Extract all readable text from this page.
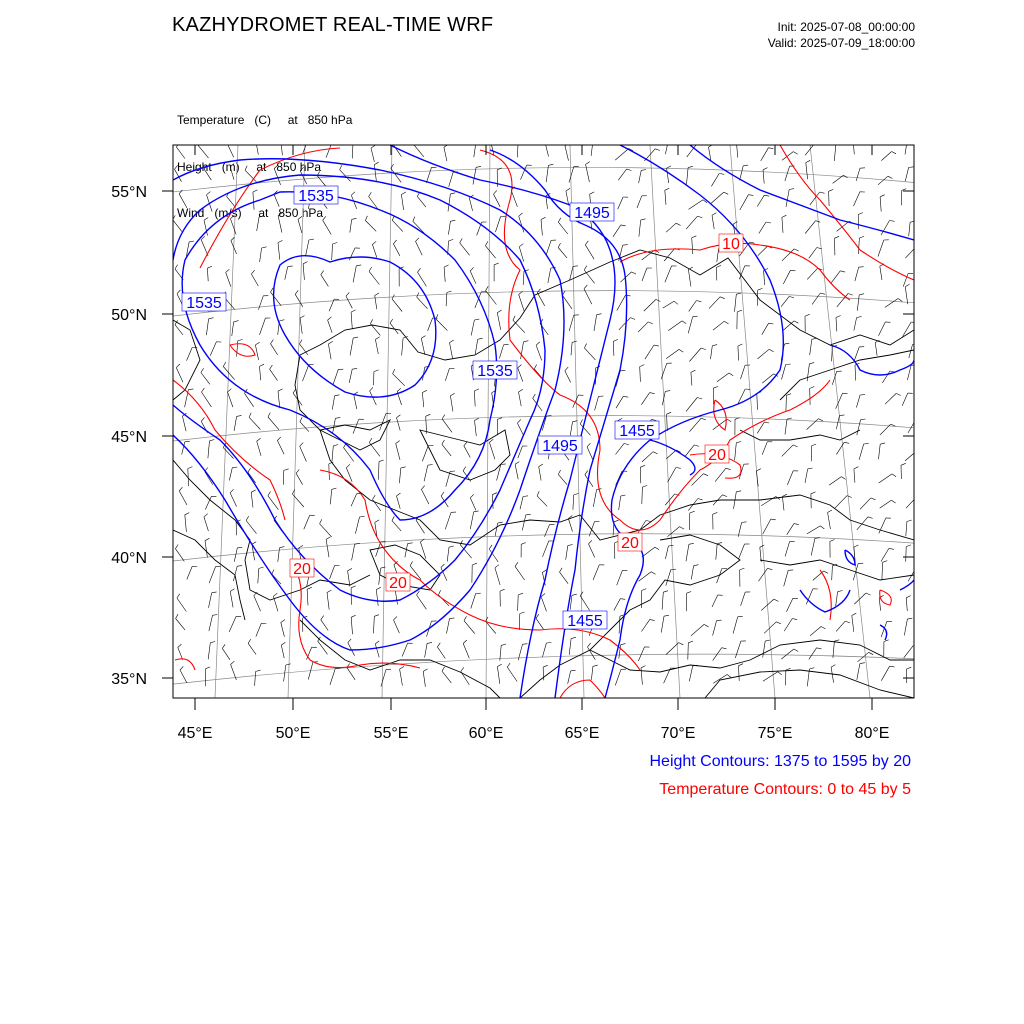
KAZHYDROMET REAL-TIME WRF	Init: 2025-07-08_00:00:00
Valid: 2025-07-09_18:00:00

Temperature   (C)     at   850 hPa

Height   (m)     at   850 hPa

Wind   (m/s)     at   850 hPa

55°N
50°N
45°N
40°N
35°N
45°E	50°E	55°E	60°E	65°E	70°E	75°E	80°E
1535
1495
1535
1535
1495
1455
1455
10
20
20
20
20
Height Contours: 1375 to 1595 by 20
Temperature Contours: 0 to 45 by 5
